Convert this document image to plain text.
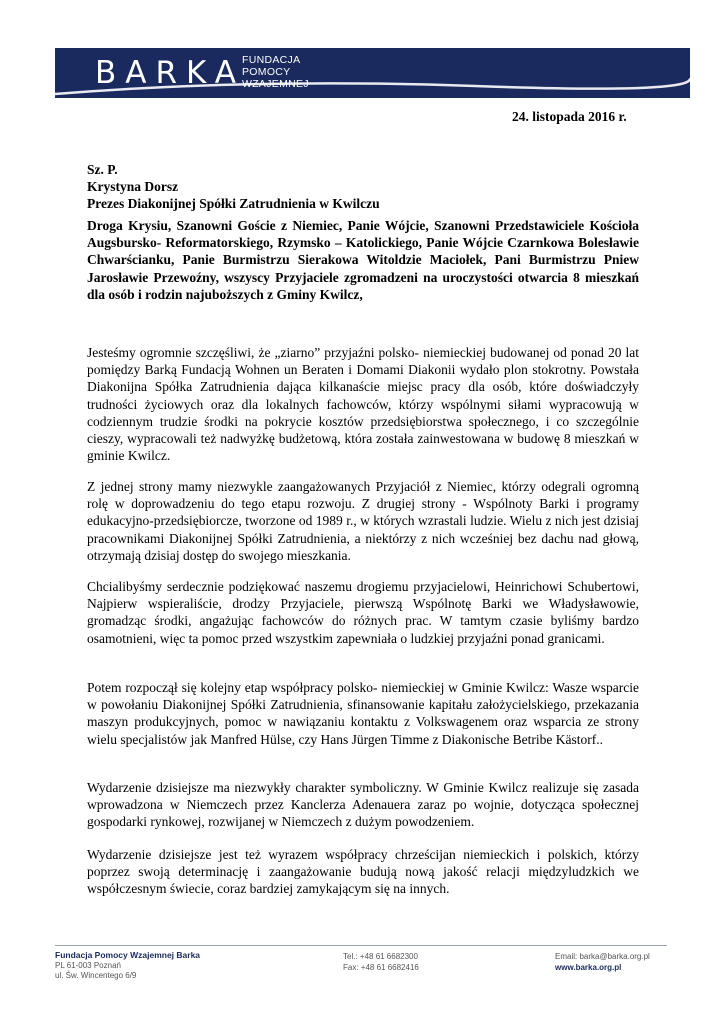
BARKA
FUNDACJA
POMOCY
WZAJEMNEJ
24. listopada 2016 r.
Sz. P.
Krystyna Dorsz
Prezes Diakonijnej Spółki Zatrudnienia w Kwilczu

Droga Krysiu, Szanowni Goście z Niemiec, Panie Wójcie, Szanowni Przedstawiciele Kościoła Augsbursko- Reformatorskiego, Rzymsko – Katolickiego, Panie Wójcie Czarnkowa Bolesławie Chwarścianku, Panie Burmistrzu Sierakowa Witoldzie Maciołek, Pani Burmistrzu Pniew Jarosławie Przewoźny, wszyscy Przyjaciele zgromadzeni na uroczystości otwarcia 8 mieszkań dla osób i rodzin najuboższych z Gminy Kwilcz,

Jesteśmy ogromnie szczęśliwi, że „ziarno” przyjaźni polsko- niemieckiej budowanej od ponad 20 lat pomiędzy Barką Fundacją Wohnen un Beraten i Domami Diakonii wydało plon stokrotny. Powstała Diakonijna Spółka Zatrudnienia dająca kilkanaście miejsc pracy dla osób, które doświadczyły trudności życiowych oraz dla lokalnych fachowców, którzy wspólnymi siłami wypracowują w codziennym trudzie środki na pokrycie kosztów przedsiębiorstwa społecznego, i co szczególnie cieszy, wypracowali też nadwyżkę budżetową, która została zainwestowana w budowę 8 mieszkań w gminie Kwilcz.

Z jednej strony mamy niezwykle zaangażowanych Przyjaciół z Niemiec, którzy odegrali ogromną rolę w doprowadzeniu do tego etapu rozwoju. Z drugiej strony - Wspólnoty Barki i programy edukacyjno-przedsiębiorcze, tworzone od 1989 r., w których wzrastali ludzie. Wielu z nich jest dzisiaj pracownikami Diakonijnej Spółki Zatrudnienia, a niektórzy z nich wcześniej bez dachu nad głową, otrzymają dzisiaj dostęp do swojego mieszkania.

Chcialibyśmy serdecznie podziękować naszemu drogiemu przyjacielowi, Heinrichowi Schubertowi, Najpierw wspieraliście, drodzy Przyjaciele, pierwszą Wspólnotę Barki we Władysławowie, gromadząc środki, angażując fachowców do różnych prac. W tamtym czasie byliśmy bardzo osamotnieni, więc ta pomoc przed wszystkim zapewniała o ludzkiej przyjaźni ponad granicami.

Potem rozpoczął się kolejny etap współpracy polsko- niemieckiej w Gminie Kwilcz: Wasze wsparcie w powołaniu Diakonijnej Spółki Zatrudnienia, sfinansowanie kapitału założycielskiego, przekazania maszyn produkcyjnych, pomoc w nawiązaniu kontaktu z Volkswagenem oraz wsparcia ze strony wielu specjalistów jak Manfred Hülse, czy Hans Jürgen Timme z Diakonische Betribe Kästorf..

Wydarzenie dzisiejsze ma niezwykły charakter symboliczny. W Gminie Kwilcz realizuje się zasada wprowadzona w Niemczech przez Kanclerza Adenauera zaraz po wojnie, dotycząca społecznej gospodarki rynkowej, rozwijanej w Niemczech z dużym powodzeniem.

Wydarzenie dzisiejsze jest też wyrazem współpracy chrześcijan niemieckich i polskich, którzy poprzez swoją determinację i zaangażowanie budują nową jakość relacji międzyludzkich we współczesnym świecie, coraz bardziej zamykającym się na innych.

Fundacja Pomocy Wzajemnej Barka
PL 61-003 Poznań
ul. Św. Wincentego 6/9
Tel.: +48 61 6682300
Fax: +48 61 6682416
Email: barka@barka.org.pl
www.barka.org.pl
